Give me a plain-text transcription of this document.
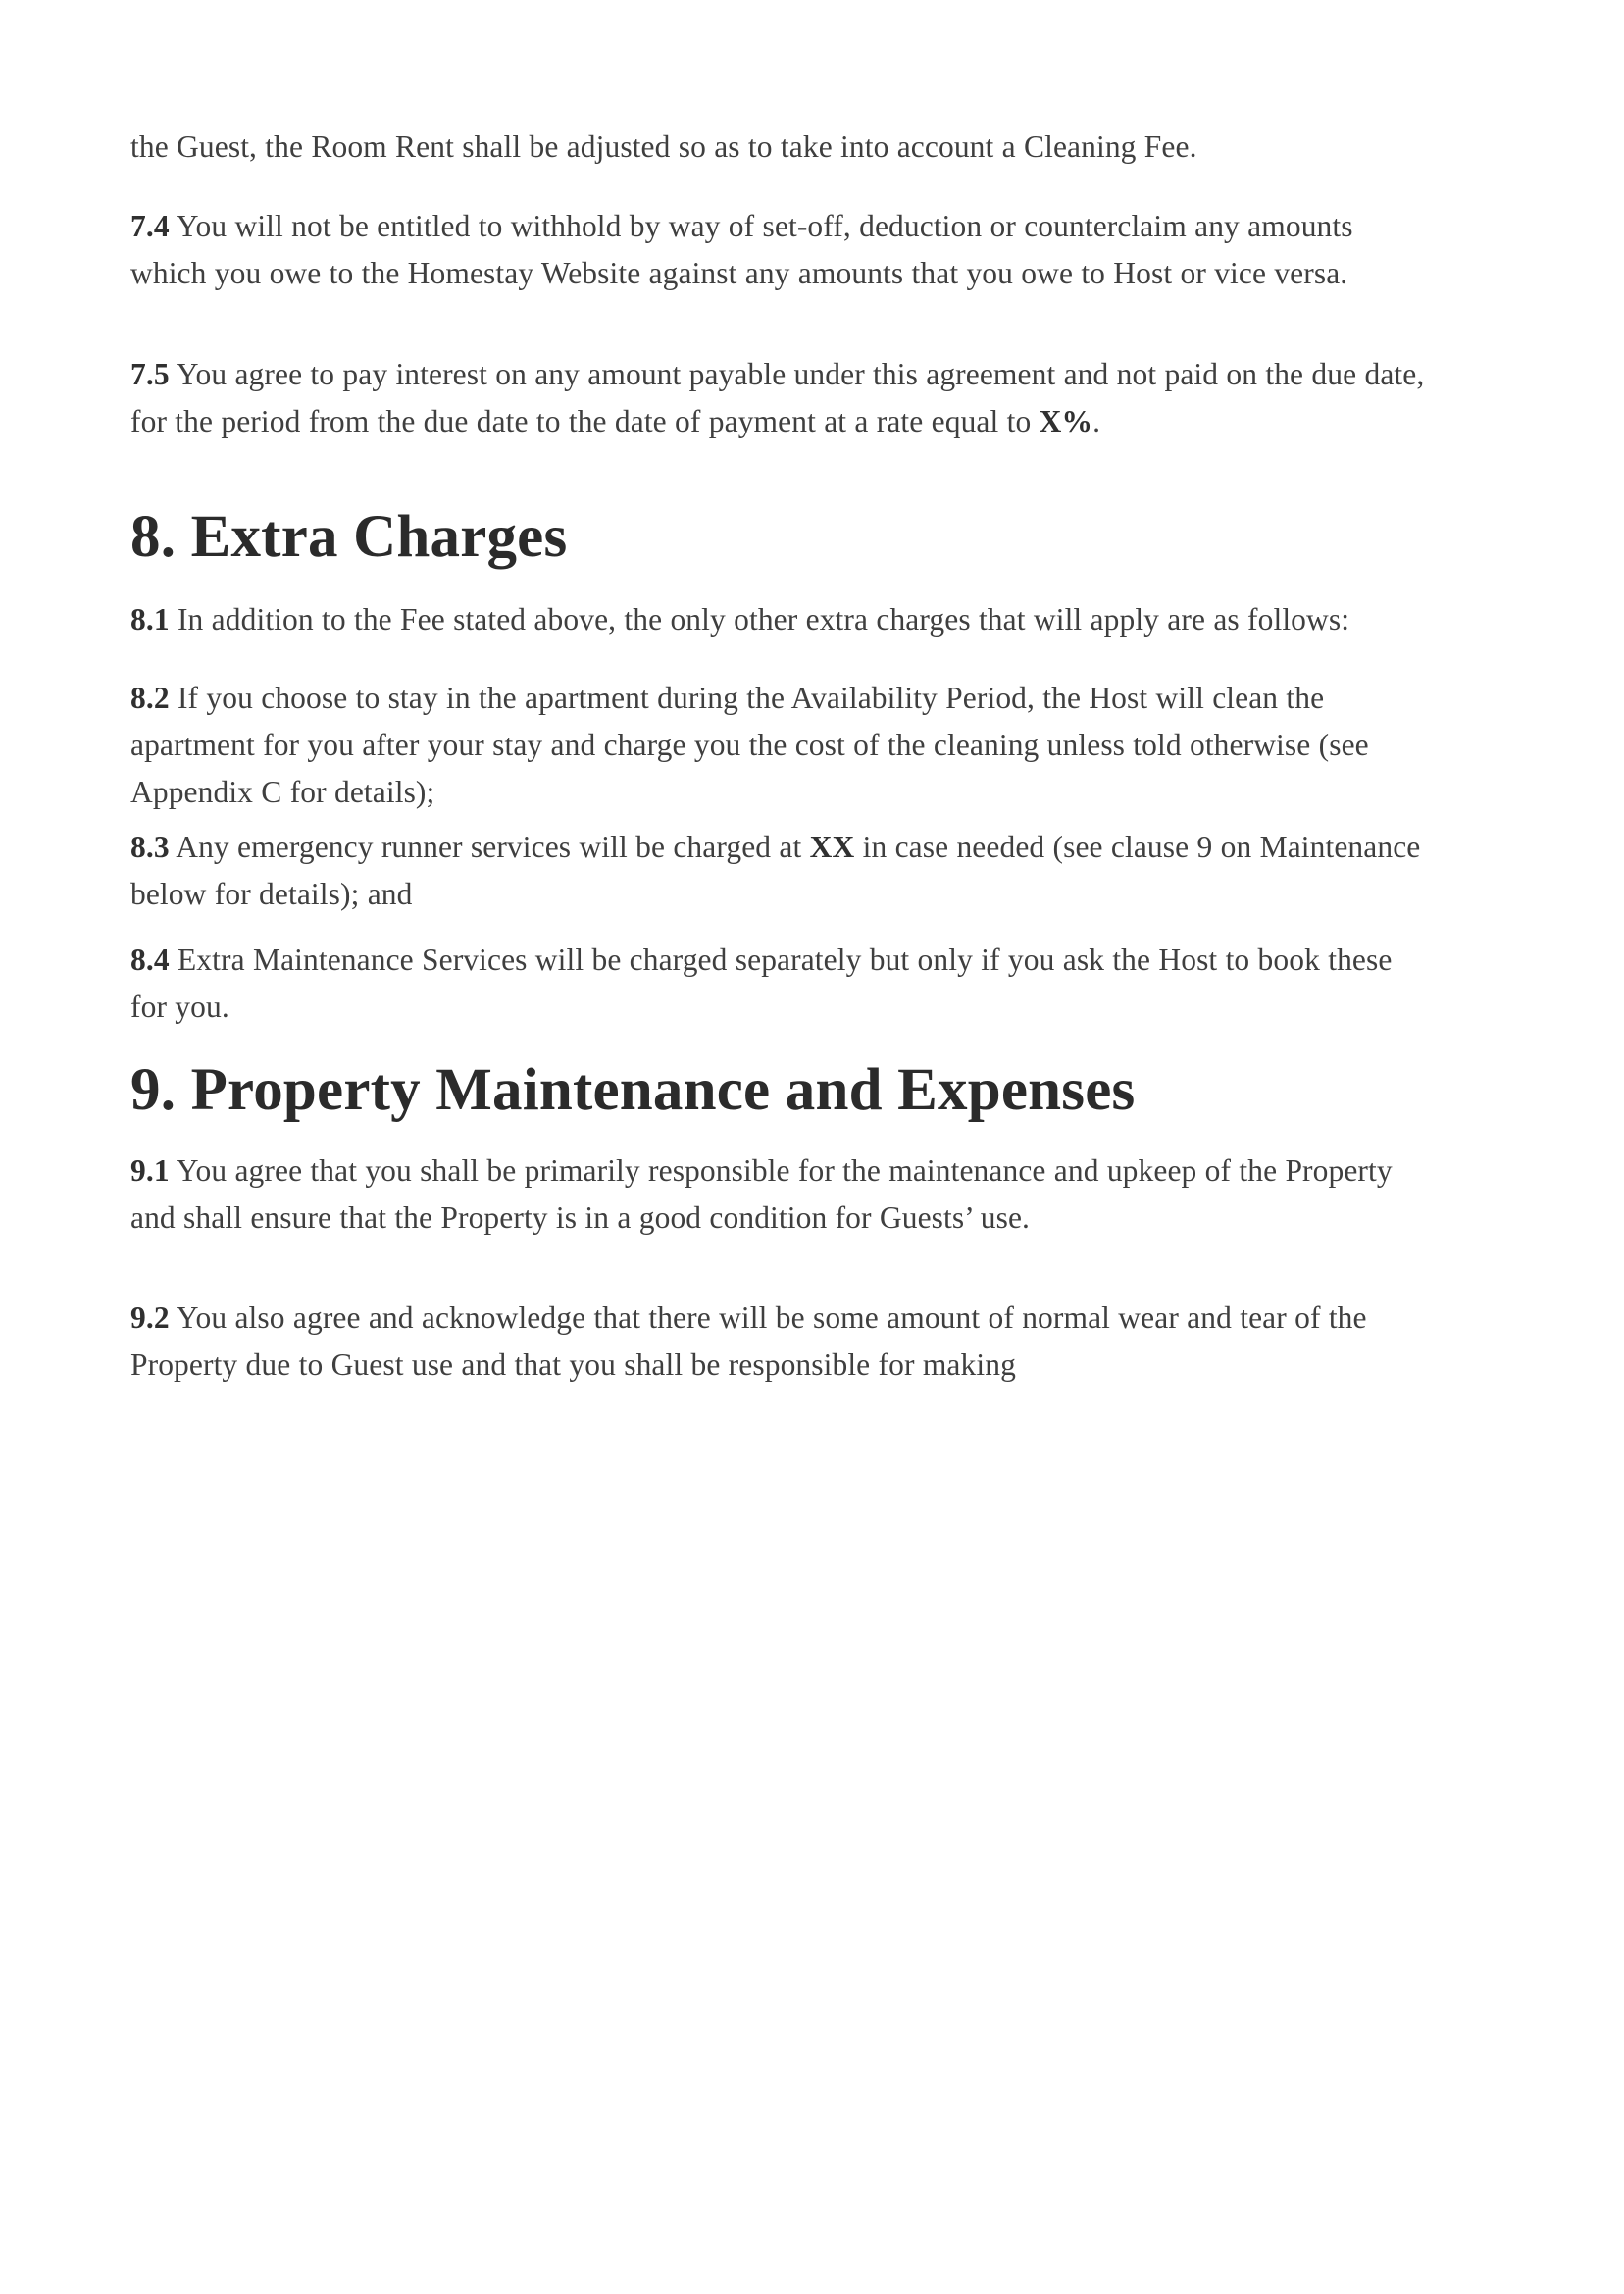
the Guest, the Room Rent shall be adjusted so as to take into account a Cleaning Fee.

7.4 You will not be entitled to withhold by way of set-off, deduction or counterclaim any amounts which you owe to the Homestay Website against any amounts that you owe to Host or vice versa.

7.5 You agree to pay interest on any amount payable under this agreement and not paid on the due date, for the period from the due date to the date of payment at a rate equal to X%.

8. Extra Charges

8.1 In addition to the Fee stated above, the only other extra charges that will apply are as follows:

8.2 If you choose to stay in the apartment during the Availability Period, the Host will clean the apartment for you after your stay and charge you the cost of the cleaning unless told otherwise (see Appendix C for details);

8.3 Any emergency runner services will be charged at XX in case needed (see clause 9 on Maintenance below for details); and

8.4 Extra Maintenance Services will be charged separately but only if you ask the Host to book these for you.

9. Property Maintenance and Expenses

9.1 You agree that you shall be primarily responsible for the maintenance and upkeep of the Property and shall ensure that the Property is in a good condition for Guests’ use.

9.2 You also agree and acknowledge that there will be some amount of normal wear and tear of the Property due to Guest use and that you shall be responsible for making
